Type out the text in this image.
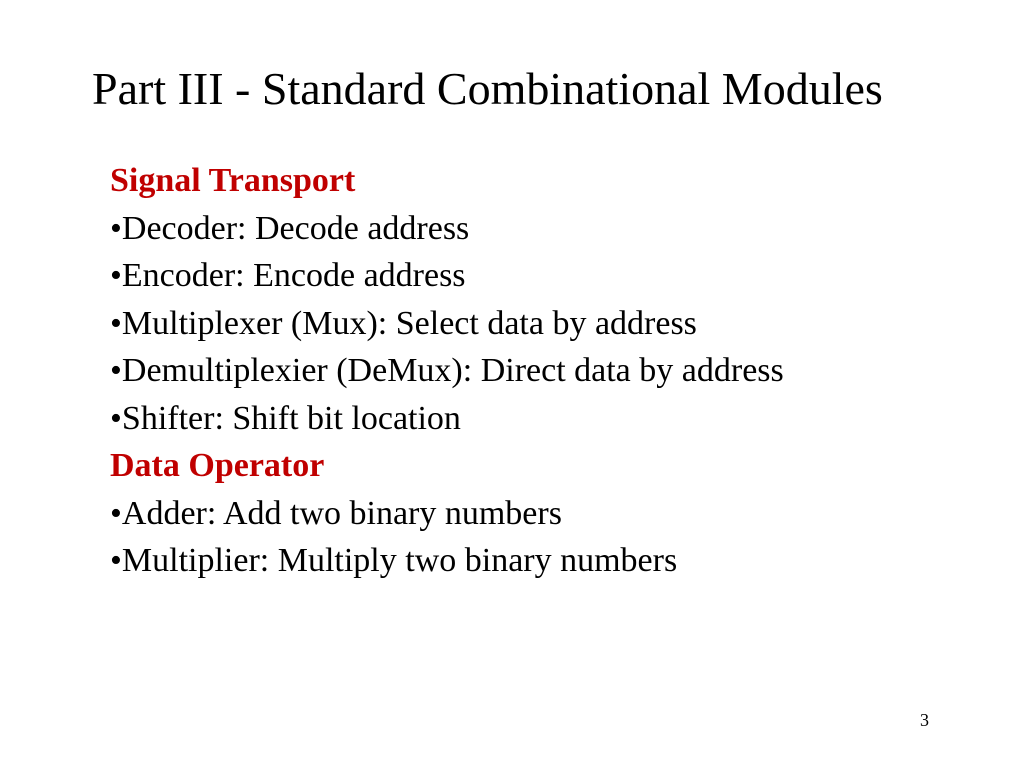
Part III - Standard Combinational Modules
Signal Transport
•Decoder: Decode address
•Encoder: Encode address
•Multiplexer (Mux): Select data by address
•Demultiplexier (DeMux): Direct data by address
•Shifter: Shift bit location
Data Operator
•Adder: Add two binary numbers
•Multiplier: Multiply two binary numbers
3
